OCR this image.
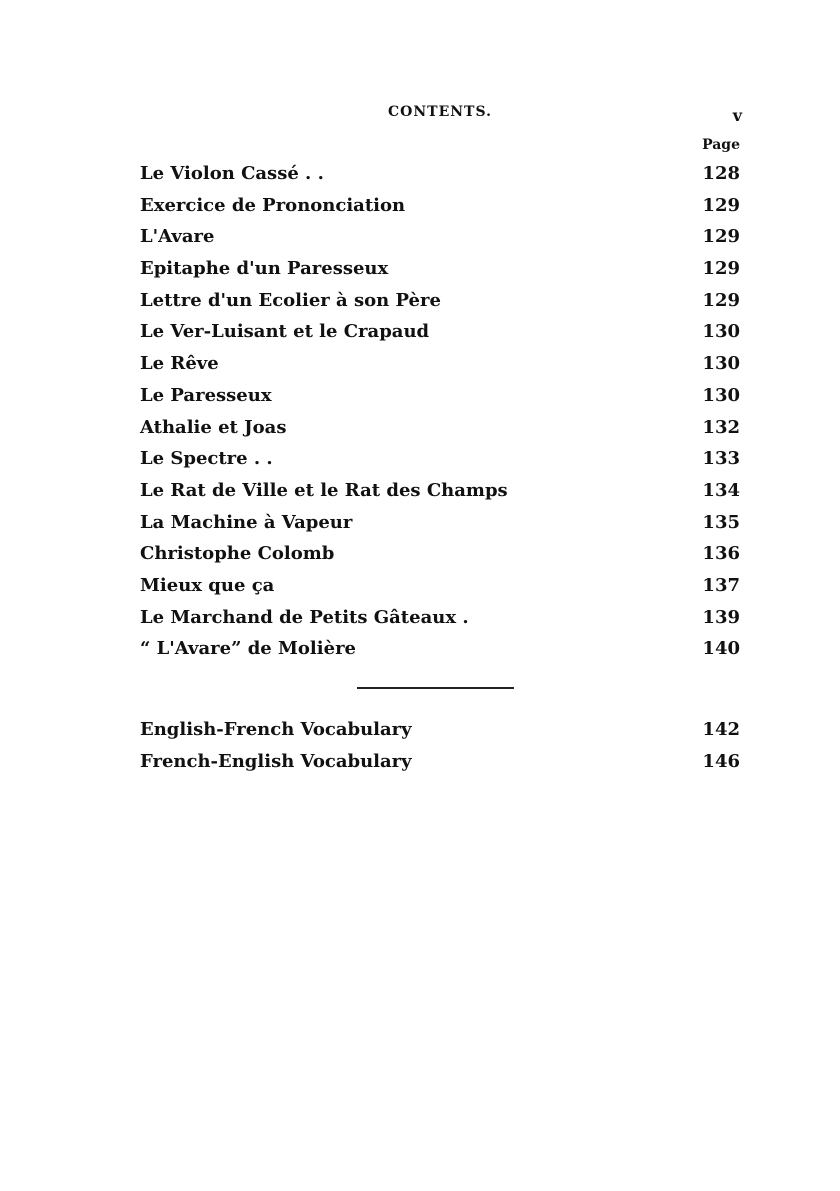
CONTENTS.	v
Page
Le Violon Cassé . .	128
Exercice de Prononciation	129
L'Avare	129
Epitaphe d'un Paresseux	129
Lettre d'un Ecolier à son Père	129
Le Ver-Luisant et le Crapaud	130
Le Rêve	130
Le Paresseux	130
Athalie et Joas	132
Le Spectre . .	133
Le Rat de Ville et le Rat des Champs	134
La Machine à Vapeur	135
Christophe Colomb	136
Mieux que ça	137
Le Marchand de Petits Gâteaux .	139
“ L'Avare” de Molière	140
English-French Vocabulary	142
French-English Vocabulary	146
